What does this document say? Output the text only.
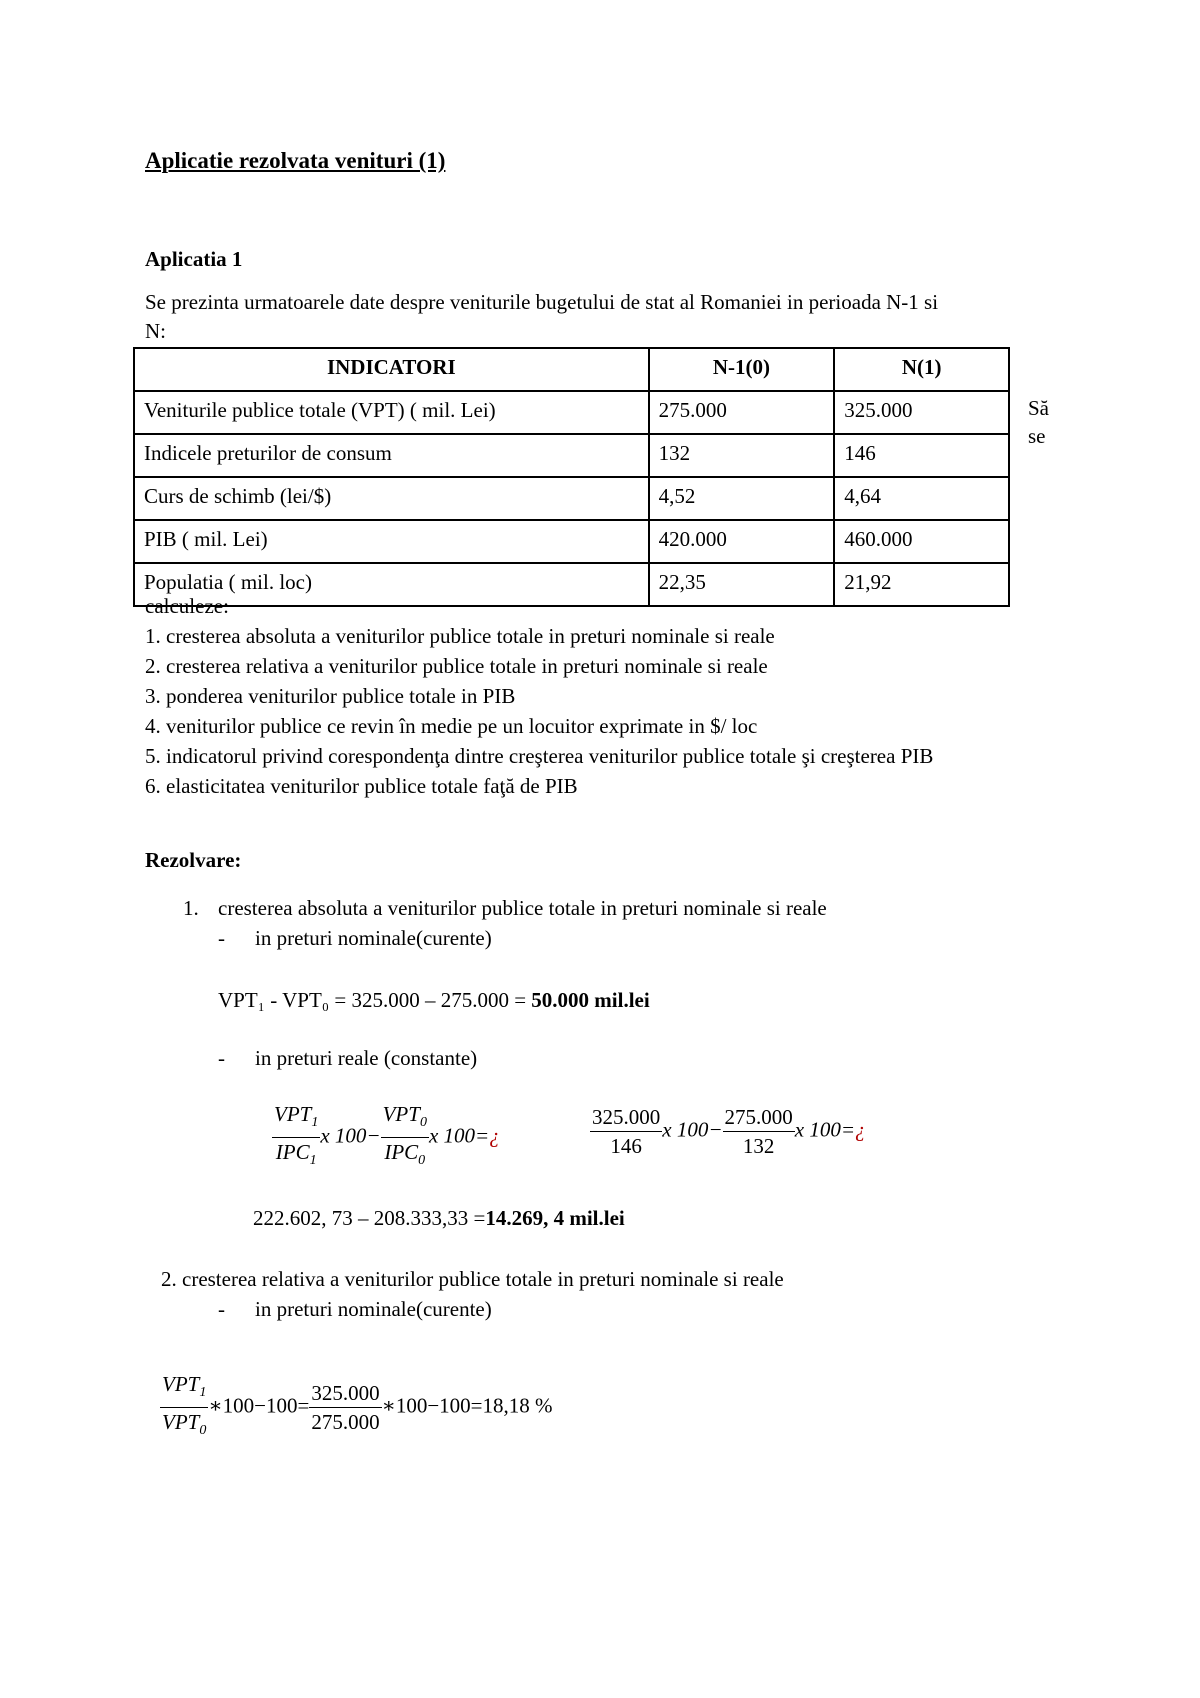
Aplicatie rezolvata venituri (1)
Aplicatia 1
Se prezinta urmatoarele date despre veniturile bugetului de stat al Romaniei in perioada N-1 si
N:
INDICATORI	N-1(0)	N(1)
Veniturile publice totale (VPT) ( mil. Lei)	275.000	325.000
Indicele preturilor de consum	132	146
Curs de schimb (lei/$)	4,52	4,64
PIB ( mil. Lei)	420.000	460.000
Populatia ( mil. loc)	22,35	21,92
Să
se
calculeze:
1. cresterea absoluta a veniturilor publice totale in preturi nominale si reale
2. cresterea relativa a veniturilor publice totale in preturi nominale si reale
3. ponderea veniturilor publice totale in PIB
4. veniturilor publice ce revin în medie pe un locuitor exprimate in $/ loc
5. indicatorul privind corespondenţa dintre creşterea veniturilor publice totale şi creşterea PIB
6. elasticitatea veniturilor publice totale faţă de PIB
Rezolvare:
1. cresterea absoluta a veniturilor publice totale in preturi nominale si reale
- in preturi nominale(curente)
VPT₁ - VPT₀ = 325.000 – 275.000 = 50.000 mil.lei
- in preturi reale (constante)
$\frac{VPT_1}{IPC_1}$ x $100- \frac{VPT_0}{IPC_0}$ x 100=¿	$\frac{325.000}{146}$ x $100- \frac{275.000}{132}$ x 100=¿
222.602, 73 – 208.333,33 =14.269, 4 mil.lei
2. cresterea relativa a veniturilor publice totale in preturi nominale si reale
- in preturi nominale(curente)
$\frac{VPT_1}{VPT_0}$ ∗100−100= $\frac{325.000}{275.000}$ ∗100−100=18,18 %
